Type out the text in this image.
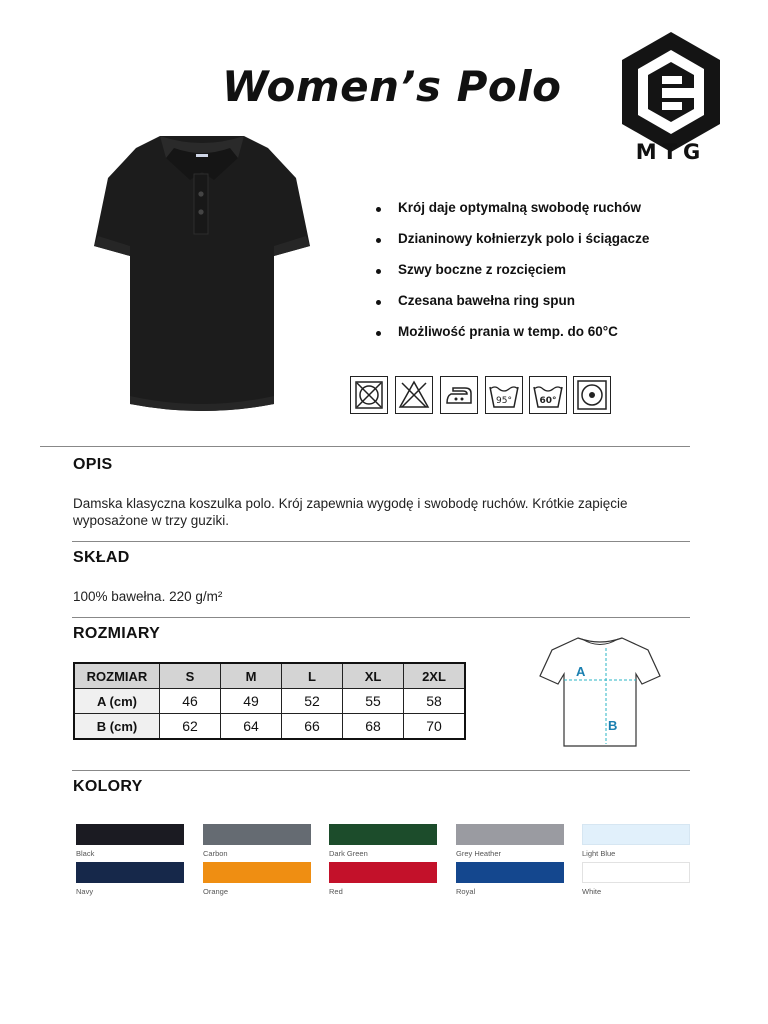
Women’s Polo
MTG
Krój daje optymalną swobodę ruchów
Dzianinowy kołnierzyk polo i ściągacze
Szwy boczne z rozcięciem
Czesana bawełna ring spun
Możliwość prania w temp. do 60°C
95°	60°
OPIS
Damska klasyczna koszulka polo. Krój zapewnia wygodę i swobodę ruchów. Krótkie zapięcie wyposażone w trzy guziki.
SKŁAD
100% bawełna. 220 g/m²
ROZMIARY
ROZMIAR	S	M	L	XL	2XL
A (cm)	46	49	52	55	58
B (cm)	62	64	66	68	70
A
B
KOLORY
Black	Carbon	Dark Green	Grey Heather	Light Blue
Navy	Orange	Red	Royal	White
